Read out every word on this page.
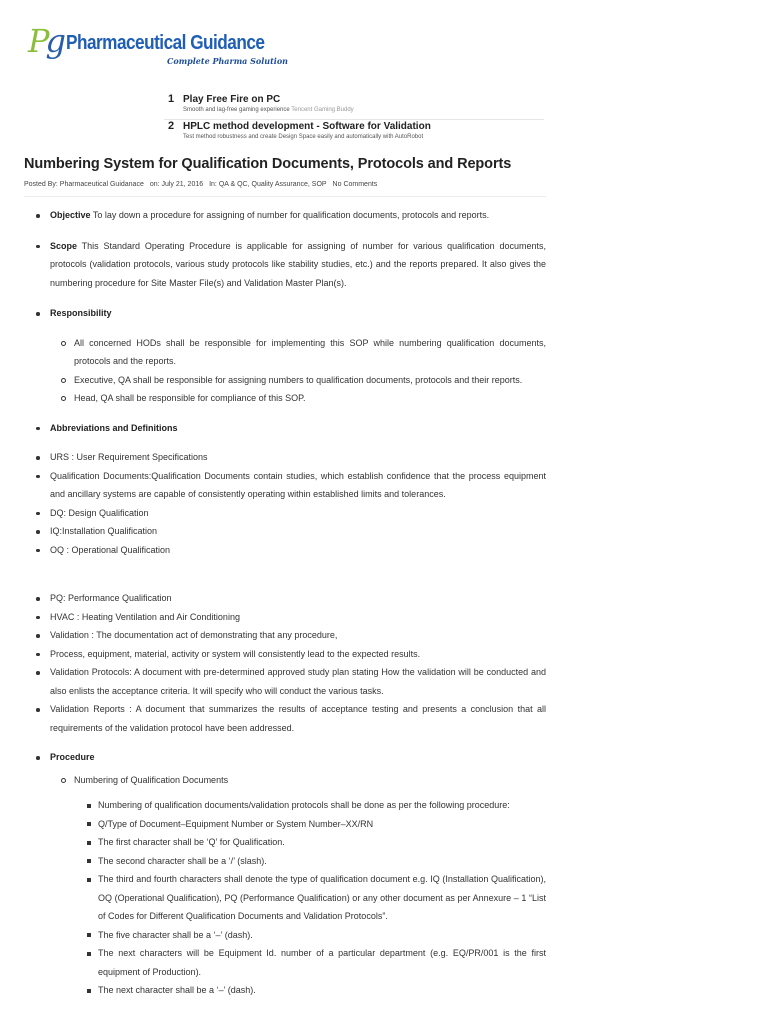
Pg Pharmaceutical Guidance
Complete Pharma Solution
1 Play Free Fire on PC
Smooth and lag-free gaming experience Tencent Gaming Buddy
2 HPLC method development - Software for Validation
Test method robustness and create Design Space easily and automatically with AutoRobot
Numbering System for Qualification Documents, Protocols and Reports
Posted By: Pharmaceutical Guidanace on: July 21, 2016 In: QA & QC, Quality Assurance, SOP No Comments
Objective To lay down a procedure for assigning of number for qualification documents, protocols and reports.
Scope This Standard Operating Procedure is applicable for assigning of number for various qualification documents, protocols (validation protocols, various study protocols like stability studies, etc.) and the reports prepared. It also gives the numbering procedure for Site Master File(s) and Validation Master Plan(s).
Responsibility
All concerned HODs shall be responsible for implementing this SOP while numbering qualification documents, protocols and the reports.
Executive, QA shall be responsible for assigning numbers to qualification documents, protocols and their reports.
Head, QA shall be responsible for compliance of this SOP.
Abbreviations and Definitions
URS : User Requirement Specifications
Qualification Documents:Qualification Documents contain studies, which establish confidence that the process equipment and ancillary systems are capable of consistently operating within established limits and tolerances.
DQ: Design Qualification
IQ:Installation Qualification
OQ : Operational Qualification
PQ: Performance Qualification
HVAC : Heating Ventilation and Air Conditioning
Validation : The documentation act of demonstrating that any procedure,
Process, equipment, material, activity or system will consistently lead to the expected results.
Validation Protocols: A document with pre-determined approved study plan stating How the validation will be conducted and also enlists the acceptance criteria. It will specify who will conduct the various tasks.
Validation Reports : A document that summarizes the results of acceptance testing and presents a conclusion that all requirements of the validation protocol have been addressed.
Procedure
Numbering of Qualification Documents
Numbering of qualification documents/validation protocols shall be done as per the following procedure:
Q/Type of Document–Equipment Number or System Number–XX/RN
The first character shall be ‘Q’ for Qualification.
The second character shall be a ‘/’ (slash).
The third and fourth characters shall denote the type of qualification document e.g. IQ (Installation Qualification), OQ (Operational Qualification), PQ (Performance Qualification) or any other document as per Annexure – 1 “List of Codes for Different Qualification Documents and Validation Protocols”.
The five character shall be a ‘–’ (dash).
The next characters will be Equipment Id. number of a particular department (e.g. EQ/PR/001 is the first equipment of Production).
The next character shall be a ‘–’ (dash).
